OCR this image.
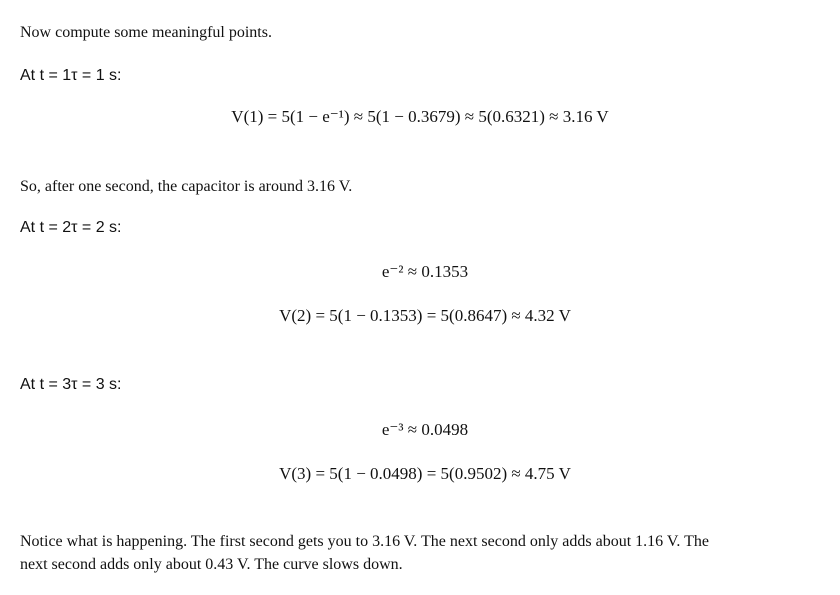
Now compute some meaningful points.
At t = 1τ = 1 s:
V(1) = 5(1 − e⁻¹) ≈ 5(1 − 0.3679) ≈ 5(0.6321) ≈ 3.16 V
So, after one second, the capacitor is around 3.16 V.
At t = 2τ = 2 s:
e⁻² ≈ 0.1353
V(2) = 5(1 − 0.1353) = 5(0.8647) ≈ 4.32 V
At t = 3τ = 3 s:
e⁻³ ≈ 0.0498
V(3) = 5(1 − 0.0498) = 5(0.9502) ≈ 4.75 V
Notice what is happening. The first second gets you to 3.16 V. The next second only adds about 1.16 V. The
next second adds only about 0.43 V. The curve slows down.
